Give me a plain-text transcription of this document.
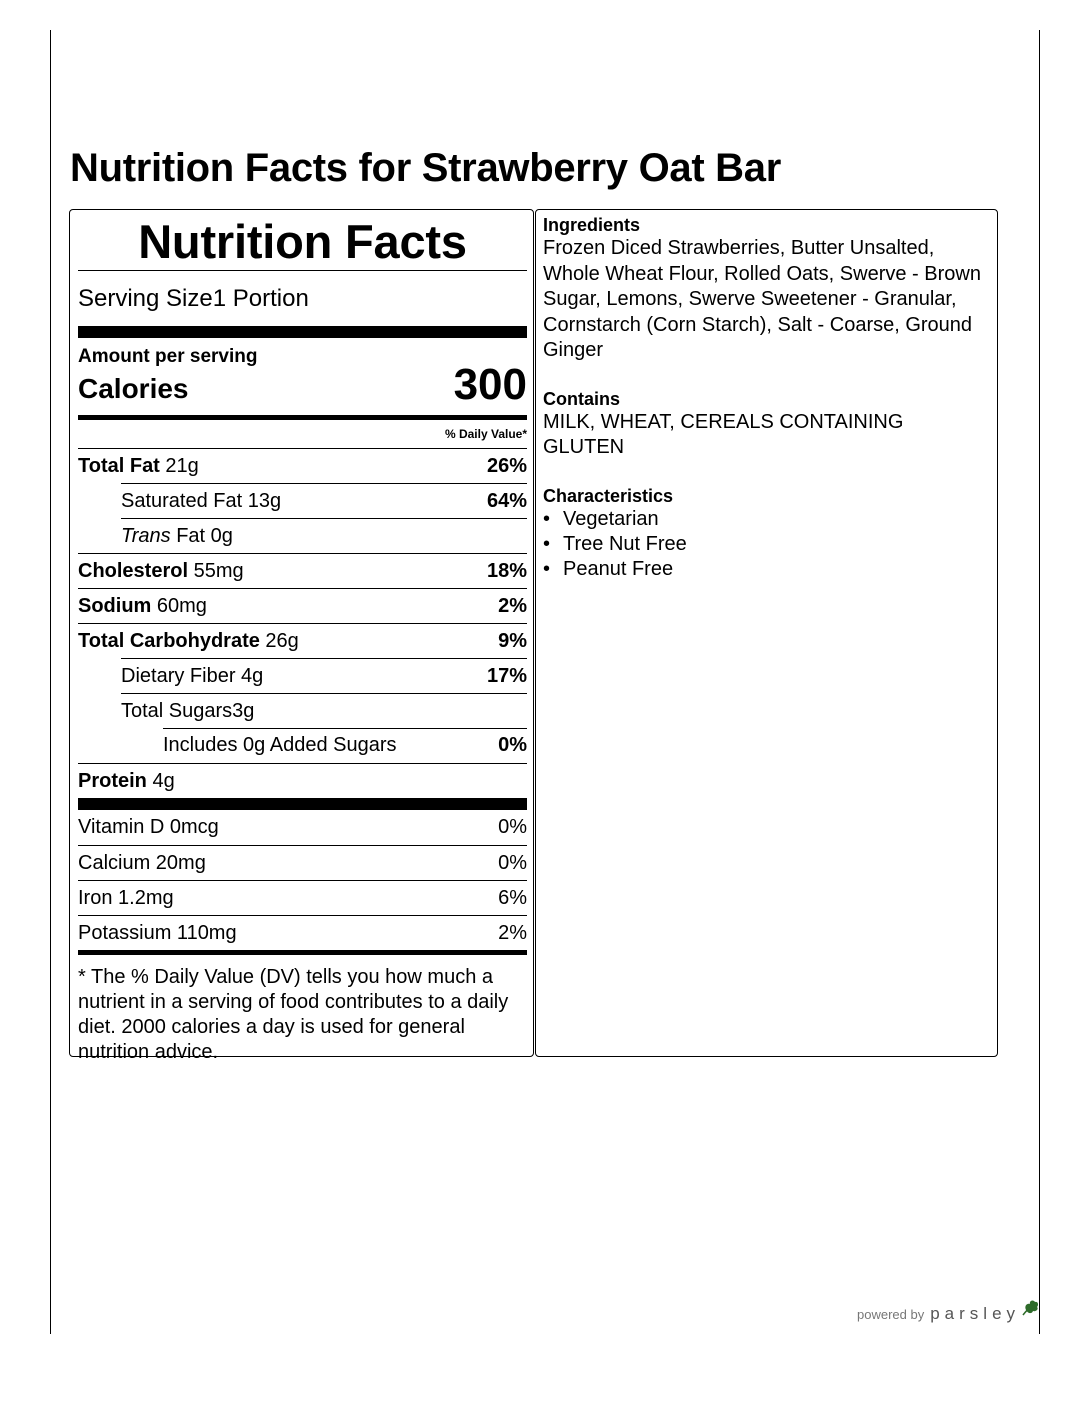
Nutrition Facts for Strawberry Oat Bar
Nutrition Facts
Serving Size 1 Portion
Amount per serving
Calories	300
% Daily Value*
Total Fat 21g	26%
Saturated Fat 13g	64%
Trans Fat 0g
Cholesterol 55mg	18%
Sodium 60mg	2%
Total Carbohydrate 26g	9%
Dietary Fiber 4g	17%
Total Sugars 3g
Includes 0g Added Sugars	0%
Protein 4g
Vitamin D 0mcg	0%
Calcium 20mg	0%
Iron 1.2mg	6%
Potassium 110mg	2%

* The % Daily Value (DV) tells you how much a nutrient in a serving of food contributes to a daily diet. 2000 calories a day is used for general nutrition advice.

Ingredients

Frozen Diced Strawberries, Butter Unsalted, Whole Wheat Flour, Rolled Oats, Swerve - Brown Sugar, Lemons, Swerve Sweetener - Granular, Cornstarch (Corn Starch), Salt - Coarse, Ground Ginger

Contains

MILK, WHEAT, CEREALS CONTAINING GLUTEN

Characteristics
• Vegetarian
• Tree Nut Free
• Peanut Free
powered by parsley
